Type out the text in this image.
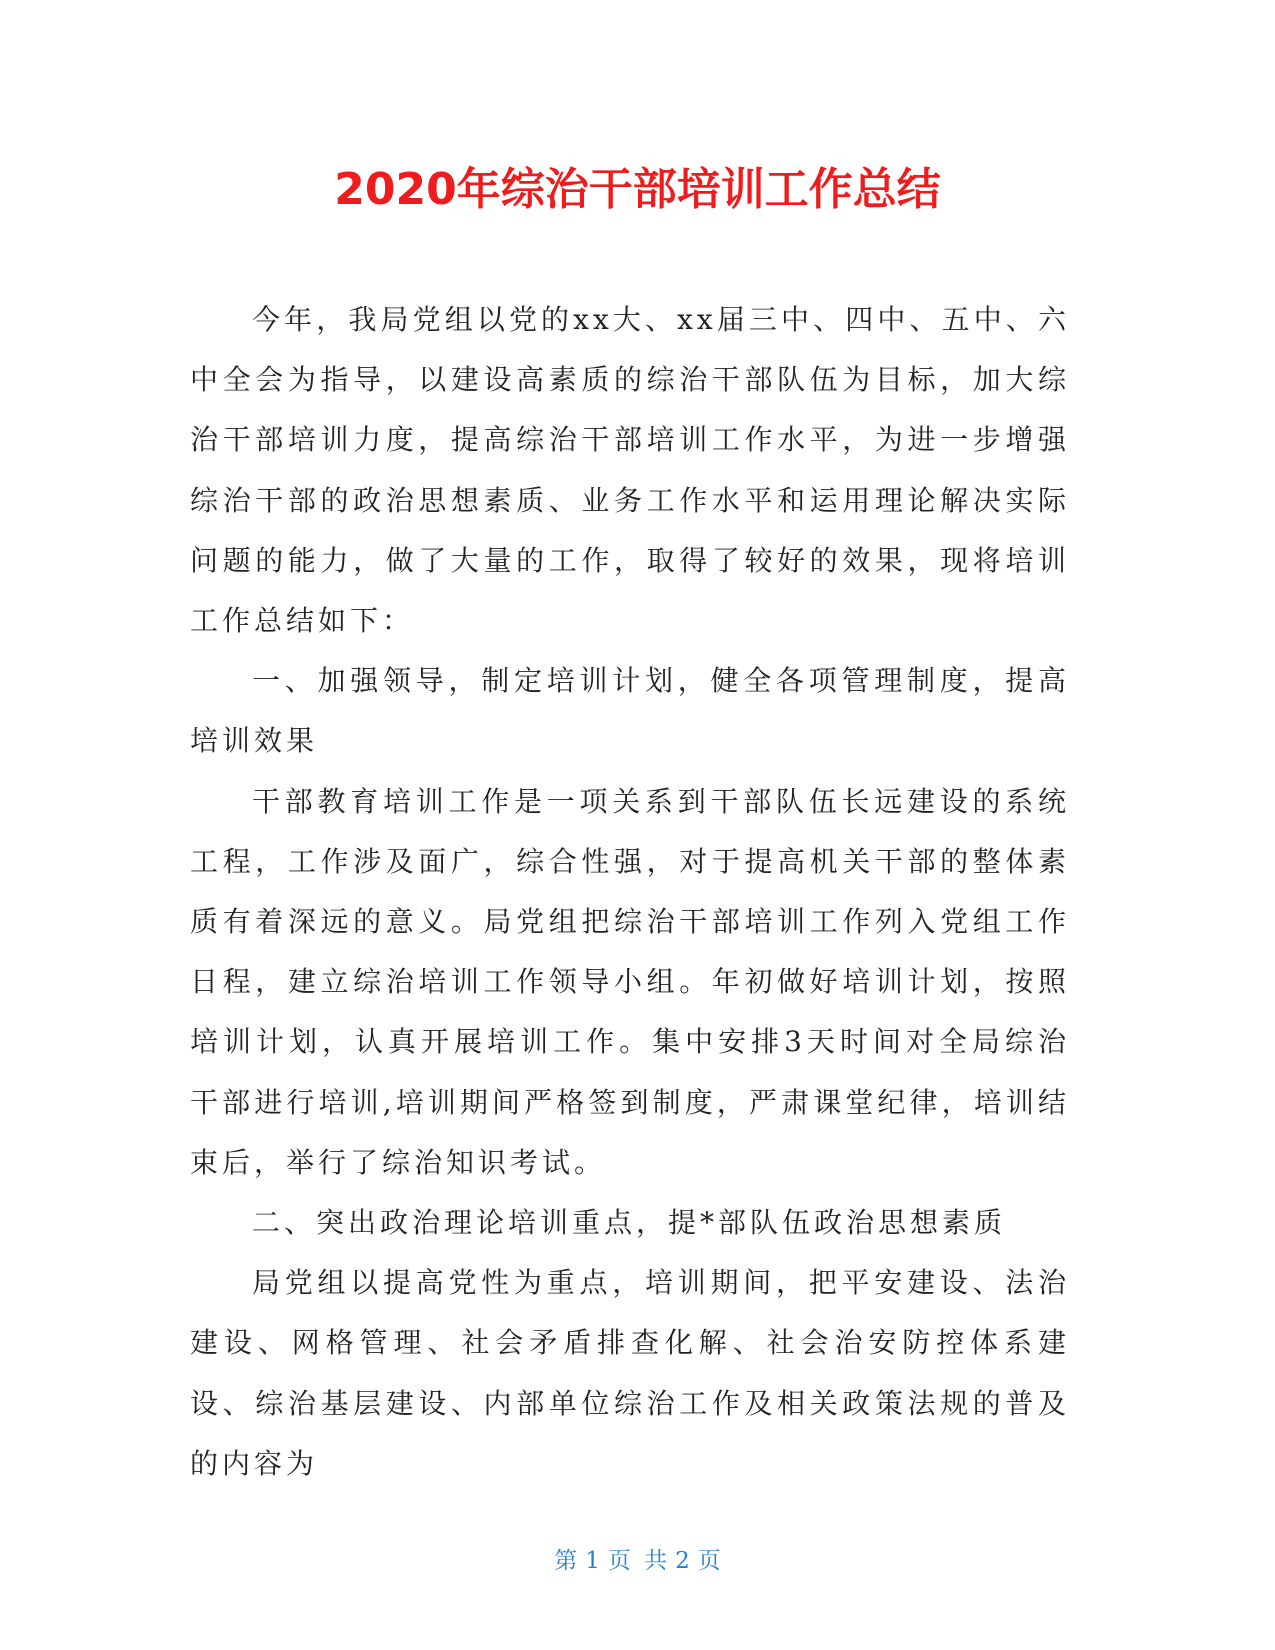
2020年综治干部培训工作总结

今年，我局党组以党的xx大、xx届三中、四中、五中、六中全会为指导，以建设高素质的综治干部队伍为目标，加大综治干部培训力度，提高综治干部培训工作水平，为进一步增强综治干部的政治思想素质、业务工作水平和运用理论解决实际问题的能力，做了大量的工作，取得了较好的效果，现将培训工作总结如下：

一、加强领导，制定培训计划，健全各项管理制度，提高培训效果

干部教育培训工作是一项关系到干部队伍长远建设的系统工程，工作涉及面广，综合性强，对于提高机关干部的整体素质有着深远的意义。局党组把综治干部培训工作列入党组工作日程，建立综治培训工作领导小组。年初做好培训计划，按照培训计划，认真开展培训工作。集中安排3天时间对全局综治干部进行培训,培训期间严格签到制度，严肃课堂纪律，培训结束后，举行了综治知识考试。

二、突出政治理论培训重点，提*部队伍政治思想素质

局党组以提高党性为重点，培训期间，把平安建设、法治建设、网格管理、社会矛盾排查化解、社会治安防控体系建设、综治基层建设、内部单位综治工作及相关政策法规的普及的内容为

第 1 页 共 2 页
